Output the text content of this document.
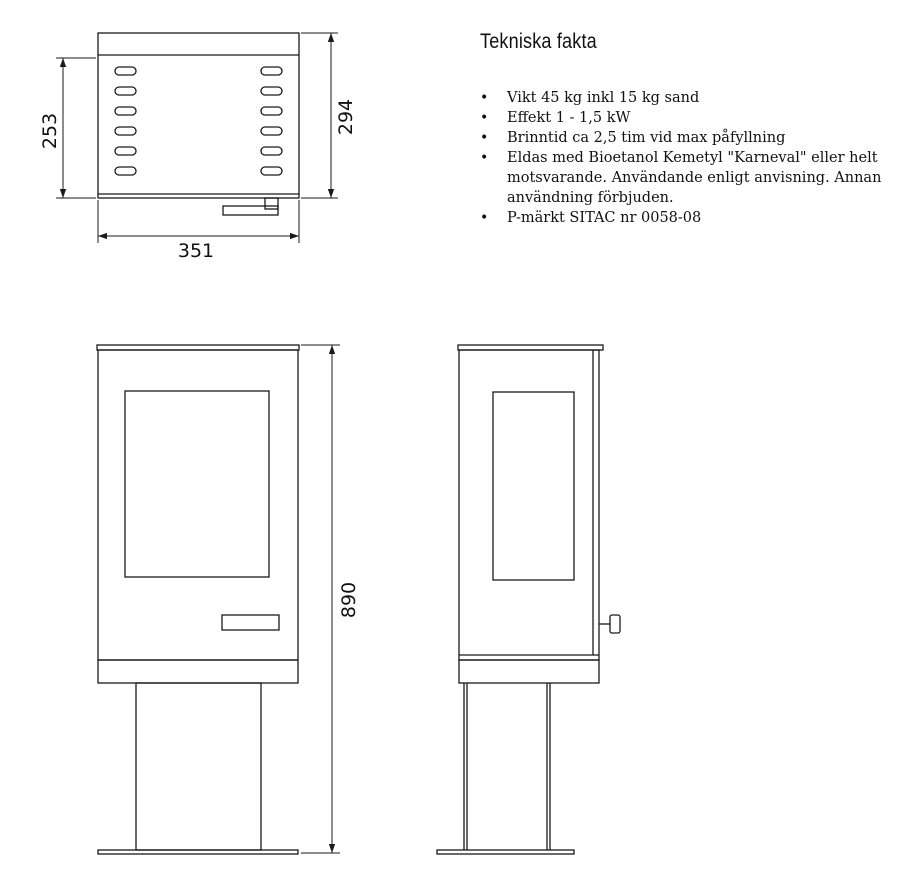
253	294
351
890
Tekniska fakta
• Vikt 45 kg inkl 15 kg sand
• Effekt 1 - 1,5 kW
• Brinntid ca 2,5 tim vid max påfyllning
• Eldas med Bioetanol Kemetyl "Karneval" eller helt motsvarande. Användande enligt anvisning. Annan användning förbjuden.
• P-märkt SITAC nr 0058-08
